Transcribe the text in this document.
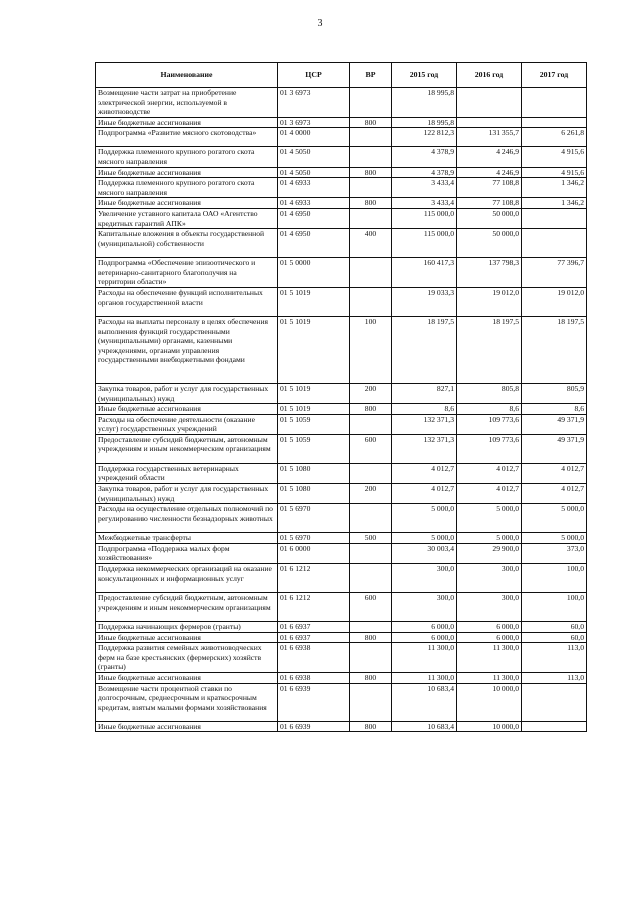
3
Наименование	ЦСР	ВР	2015 год	2016 год	2017 год
Возмещение части затрат на приобретение электрической энергии, используемой в животноводстве	01 3 6973		18 995,8		
Иные бюджетные ассигнования	01 3 6973	800	18 995,8		
Подпрограмма «Развитие мясного скотоводства»	01 4 0000		122 812,3	131 355,7	6 261,8
Поддержка племенного крупного рогатого скота мясного направления	01 4 5050		4 378,9	4 246,9	4 915,6
Иные бюджетные ассигнования	01 4 5050	800	4 378,9	4 246,9	4 915,6
Поддержка племенного крупного рогатого скота мясного направления	01 4 6933		3 433,4	77 108,8	1 346,2
Иные бюджетные ассигнования	01 4 6933	800	3 433,4	77 108,8	1 346,2
Увеличение уставного капитала ОАО «Агентство кредитных гарантий АПК»	01 4 6950		115 000,0	50 000,0	
Капитальные вложения в объекты государственной (муниципальной) собственности	01 4 6950	400	115 000,0	50 000,0	
Подпрограмма «Обеспечение эпизоотического и ветеринарно-санитарного благополучия на территории области»	01 5 0000		160 417,3	137 798,3	77 396,7
Расходы на обеспечение функций исполнительных органов государственной власти	01 5 1019		19 033,3	19 012,0	19 012,0
Расходы на выплаты персоналу в целях обеспечения выполнения функций государственными (муниципальными) органами, казенными учреждениями, органами управления государственными внебюджетными фондами	01 5 1019	100	18 197,5	18 197,5	18 197,5
Закупка товаров, работ и услуг для государственных (муниципальных) нужд	01 5 1019	200	827,1	805,8	805,9
Иные бюджетные ассигнования	01 5 1019	800	8,6	8,6	8,6
Расходы на обеспечение деятельности (оказание услуг) государственных учреждений	01 5 1059		132 371,3	109 773,6	49 371,9
Предоставление субсидий бюджетным, автономным учреждениям и иным некоммерческим организациям	01 5 1059	600	132 371,3	109 773,6	49 371,9
Поддержка государственных ветеринарных учреждений области	01 5 1080		4 012,7	4 012,7	4 012,7
Закупка товаров, работ и услуг для государственных (муниципальных) нужд	01 5 1080	200	4 012,7	4 012,7	4 012,7
Расходы на осуществление отдельных полномочий по регулированию численности безнадзорных животных	01 5 6970		5 000,0	5 000,0	5 000,0
Межбюджетные трансферты	01 5 6970	500	5 000,0	5 000,0	5 000,0
Подпрограмма «Поддержка малых форм хозяйствования»	01 6 0000		30 003,4	29 900,0	373,0
Поддержка некоммерческих организаций на оказание консультационных и информационных услуг	01 6 1212		300,0	300,0	100,0
Предоставление субсидий бюджетным, автономным учреждениям и иным некоммерческим организациям	01 6 1212	600	300,0	300,0	100,0
Поддержка начинающих фермеров (гранты)	01 6 6937		6 000,0	6 000,0	60,0
Иные бюджетные ассигнования	01 6 6937	800	6 000,0	6 000,0	60,0
Поддержка развития семейных животноводческих ферм на базе крестьянских (фермерских) хозяйств (гранты)	01 6 6938		11 300,0	11 300,0	113,0
Иные бюджетные ассигнования	01 6 6938	800	11 300,0	11 300,0	113,0
Возмещение части процентной ставки по долгосрочным, среднесрочным и краткосрочным кредитам, взятым малыми формами хозяйствования	01 6 6939		10 683,4	10 000,0	
Иные бюджетные ассигнования	01 6 6939	800	10 683,4	10 000,0	
